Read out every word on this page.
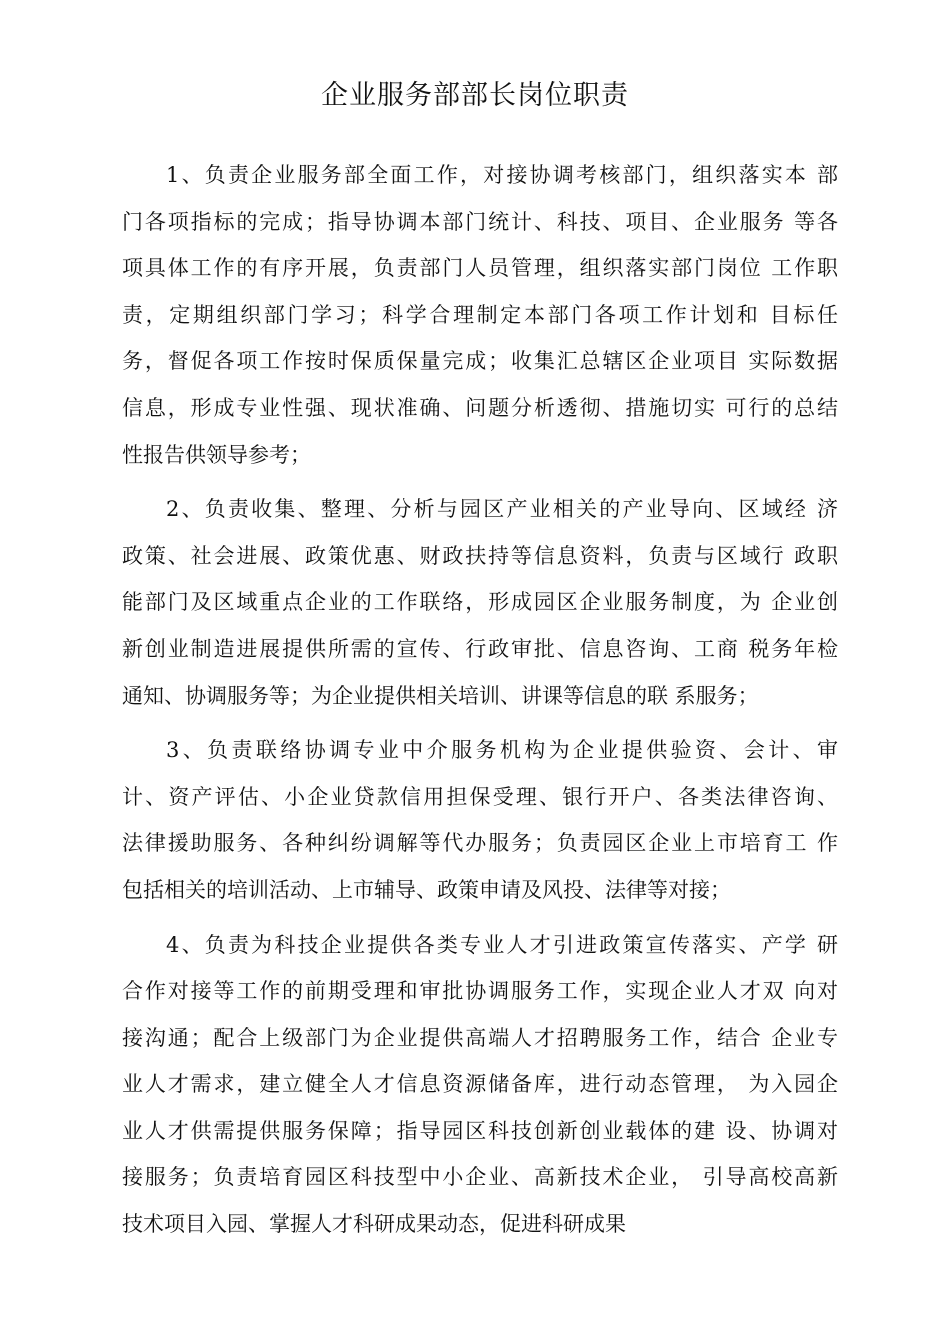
企业服务部部长岗位职责

1、负责企业服务部全面工作，对接协调考核部门，组织落实本 部
门各项指标的完成；指导协调本部门统计、科技、项目、企业服务 等各
项具体工作的有序开展，负责部门人员管理，组织落实部门岗位 工作职
责，定期组织部门学习；科学合理制定本部门各项工作计划和 目标任
务，督促各项工作按时保质保量完成；收集汇总辖区企业项目 实际数据
信息，形成专业性强、现状准确、问题分析透彻、措施切实 可行的总结
性报告供领导参考；

2、负责收集、整理、分析与园区产业相关的产业导向、区域经 济
政策、社会进展、政策优惠、财政扶持等信息资料，负责与区域行 政职
能部门及区域重点企业的工作联络，形成园区企业服务制度，为 企业创
新创业制造进展提供所需的宣传、行政审批、信息咨询、工商 税务年检
通知、协调服务等；为企业提供相关培训、讲课等信息的联 系服务；

3、负责联络协调专业中介服务机构为企业提供验资、会计、审
计、资产评估、小企业贷款信用担保受理、银行开户、各类法律咨询、
法律援助服务、各种纠纷调解等代办服务；负责园区企业上市培育工 作
包括相关的培训活动、上市辅导、政策申请及风投、法律等对接；

4、负责为科技企业提供各类专业人才引进政策宣传落实、产学 研
合作对接等工作的前期受理和审批协调服务工作，实现企业人才双 向对
接沟通；配合上级部门为企业提供高端人才招聘服务工作，结合 企业专
业人才需求，建立健全人才信息资源储备库，进行动态管理， 为入园企
业人才供需提供服务保障；指导园区科技创新创业载体的建 设、协调对
接服务；负责培育园区科技型中小企业、高新技术企业， 引导高校高新
技术项目入园、掌握人才科研成果动态，促进科研成果
